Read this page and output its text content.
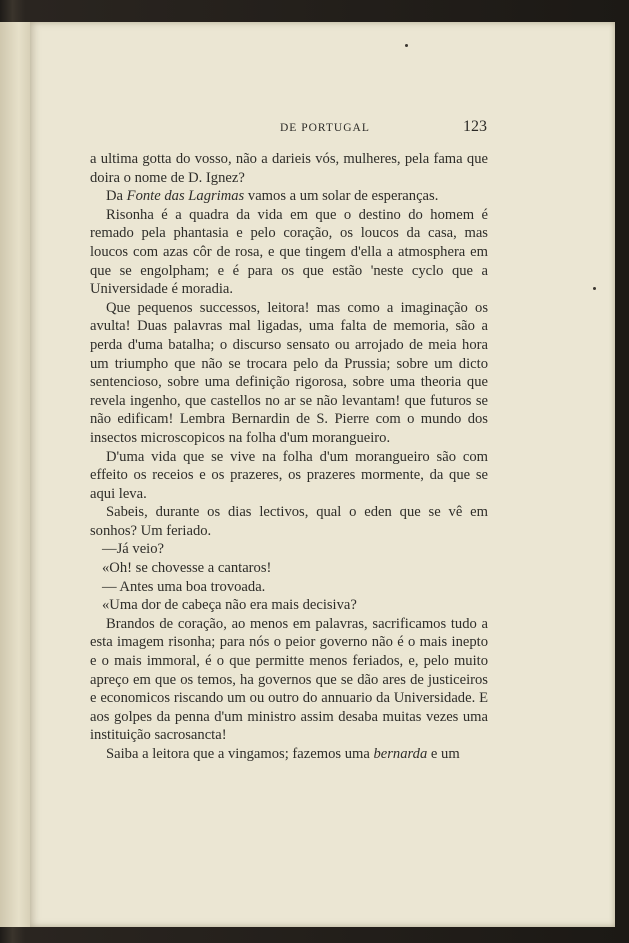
DE PORTUGAL	123

a ultima gotta do vosso, não a darieis vós, mulheres, pela fama que doira o nome de D. Ignez?

Da Fonte das Lagrimas vamos a um solar de esperanças.

Risonha é a quadra da vida em que o destino do homem é remado pela phantasia e pelo coração, os loucos da casa, mas loucos com azas côr de rosa, e que tingem d'ella a atmosphera em que se engolpham; e é para os que estão 'neste cyclo que a Universidade é moradia.

Que pequenos successos, leitora! mas como a imaginação os avulta! Duas palavras mal ligadas, uma falta de memoria, são a perda d'uma batalha; o discurso sensato ou arrojado de meia hora um triumpho que não se trocara pelo da Prussia; sobre um dicto sentencioso, sobre uma definição rigorosa, sobre uma theoria que revela ingenho, que castellos no ar se não levantam! que futuros se não edificam! Lembra Bernardin de S. Pierre com o mundo dos insectos microscopicos na folha d'um morangueiro.

D'uma vida que se vive na folha d'um morangueiro são com effeito os receios e os prazeres, os prazeres mormente, da que se aqui leva.

Sabeis, durante os dias lectivos, qual o eden que se vê em sonhos? Um feriado.

—Já veio?

«Oh! se chovesse a cantaros!

— Antes uma boa trovoada.

«Uma dor de cabeça não era mais decisiva?

Brandos de coração, ao menos em palavras, sacrificamos tudo a esta imagem risonha; para nós o peior governo não é o mais inepto e o mais immoral, é o que permitte menos feriados, e, pelo muito apreço em que os temos, ha governos que se dão ares de justiceiros e economicos riscando um ou outro do annuario da Universidade. E aos golpes da penna d'um ministro assim desaba muitas vezes uma instituição sacrosancta!

Saiba a leitora que a vingamos; fazemos uma bernarda e um
